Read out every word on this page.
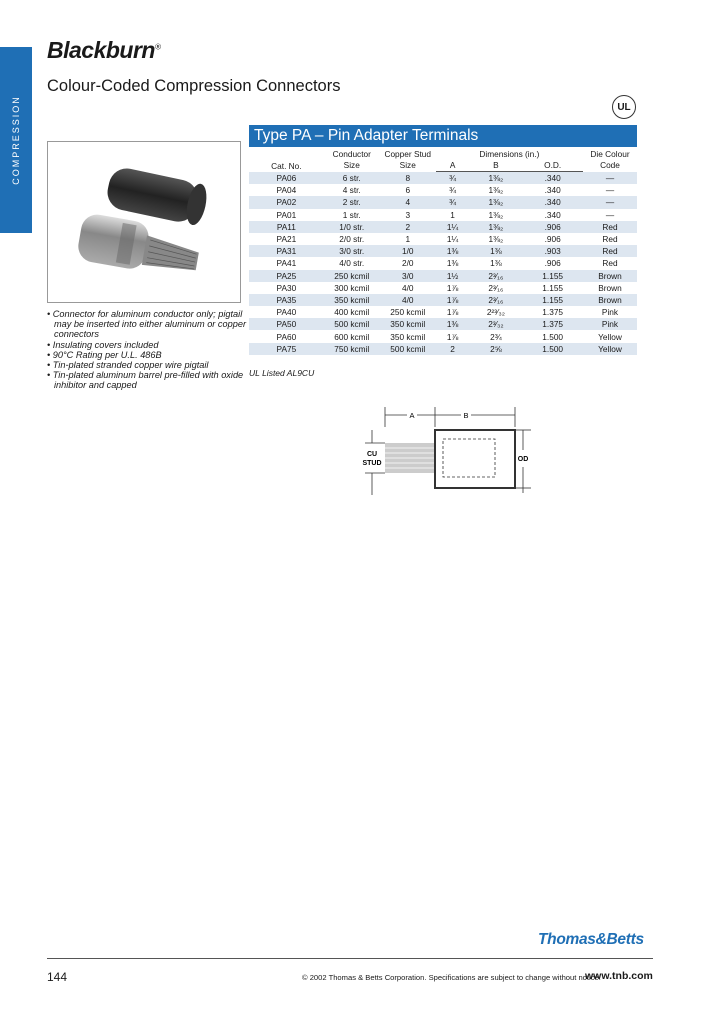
COMPRESSION
Blackburn®
Colour-Coded Compression Connectors
UL
• Connector for aluminum conductor only; pigtail may be inserted into either aluminum or copper connectors
• Insulating covers included
• 90°C Rating per U.L. 486B
• Tin-plated stranded copper wire pigtail
• Tin-plated aluminum barrel pre-filled with oxide inhibitor and capped
Type PA – Pin Adapter Terminals
Cat. No.	Conductor Size	Copper Stud Size	Dimensions (in.)			Die Colour Code
			A	B	O.D.	
PA06	6 str.	8	¾	1⅜₂	.340	—
PA04	4 str.	6	¾	1⅜₂	.340	—
PA02	2 str.	4	¾	1⅜₂	.340	—
PA01	1 str.	3	1	1⅜₂	.340	—
PA11	1/0 str.	2	1¼	1⅜₂	.906	Red
PA21	2/0 str.	1	1¼	1⅜₂	.906	Red
PA31	3/0 str.	1/0	1⅜	1⅜	.903	Red
PA41	4/0 str.	2/0	1⅜	1⅜	.906	Red
PA25	250 kcmil	3/0	1½	2³⁄₁₆	1.155	Brown
PA30	300 kcmil	4/0	1⅞	2³⁄₁₆	1.155	Brown
PA35	350 kcmil	4/0	1⅞	2³⁄₁₆	1.155	Brown
PA40	400 kcmil	250 kcmil	1⅞	2²³⁄₃₂	1.375	Pink
PA50	500 kcmil	350 kcmil	1⅜	2³⁄₃₂	1.375	Pink
PA60	600 kcmil	350 kcmil	1⅞	2¾	1.500	Yellow
PA75	750 kcmil	500 kcmil	2	2⅝	1.500	Yellow
UL Listed AL9CU
A	B
CU
STUD
OD
Thomas&Betts
144	© 2002 Thomas & Betts Corporation. Specifications are subject to change without notice.
www.tnb.com
